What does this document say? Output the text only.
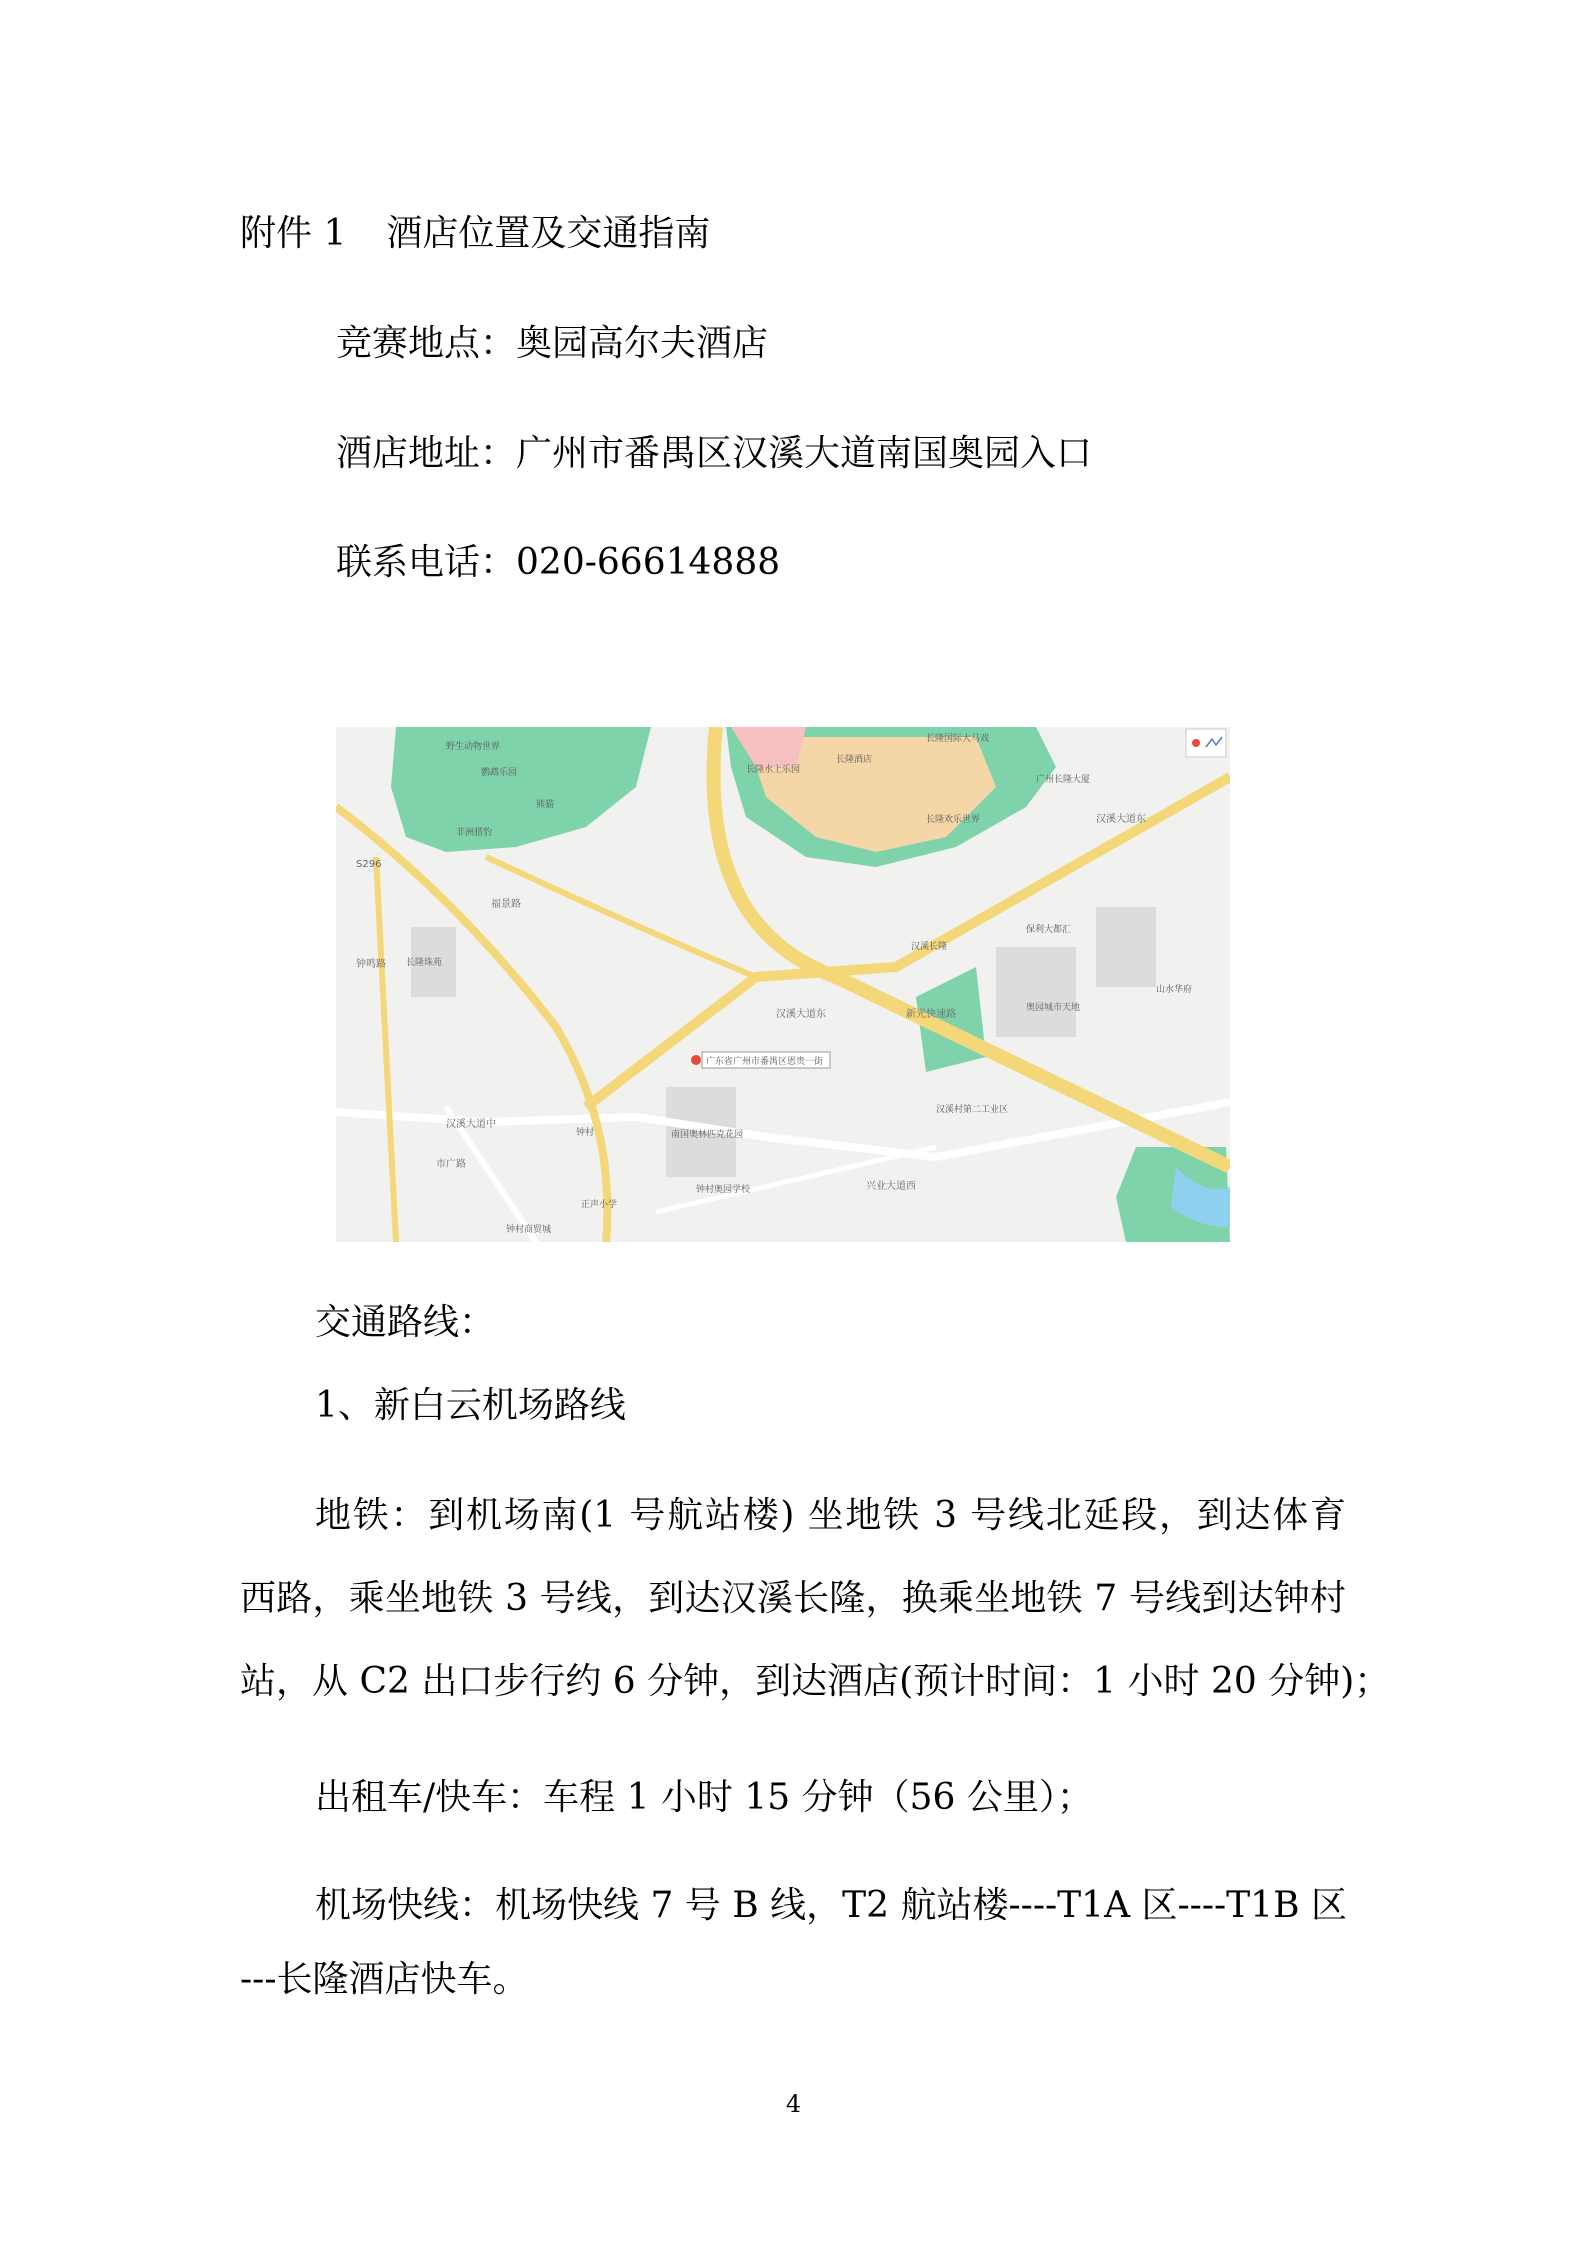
附件 1 酒店位置及交通指南
竞赛地点：奥园高尔夫酒店
酒店地址：广州市番禺区汉溪大道南国奥园入口
联系电话：020-66614888
野生动物世界
鹦鹉乐园
熊猫
非洲猎豹
长隆水上乐园
长隆酒店
长隆国际大马戏
长隆欢乐世界
广州长隆大厦
汉溪长隆
保利大都汇
山水华府
奥园城市天地
钟村	南国奥林匹克花园
钟村奥园学校
正声小学
钟村商贸城
汉溪村第二工业区
长隆珠苑
汉溪大道东
汉溪大道东
汉溪大道中
新光快速路
钟鸣路
福景路
兴业大道西
市广路
S296
广东省广州市番禺区恩贵一街
交通路线：
1、新白云机场路线
地铁：到机场南(1 号航站楼) 坐地铁 3 号线北延段，到达体育
西路，乘坐地铁 3 号线，到达汉溪长隆，换乘坐地铁 7 号线到达钟村
站，从 C2 出口步行约 6 分钟，到达酒店(预计时间：1 小时 20 分钟)；
出租车/快车：车程 1 小时 15 分钟（56 公里）；
机场快线：机场快线 7 号 B 线，T2 航站楼----T1A 区----T1B 区
---长隆酒店快车。
4
